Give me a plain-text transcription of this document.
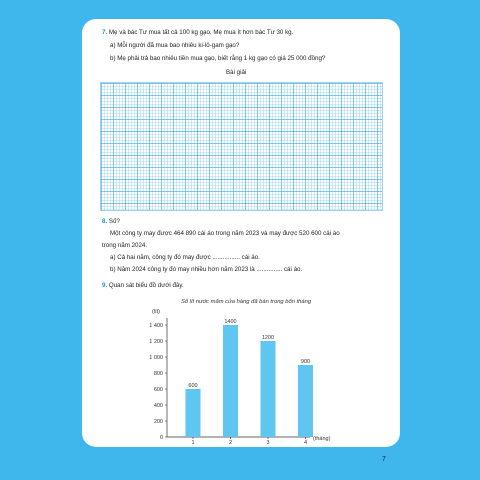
7. Mẹ và bác Tư mua tất cả 100 kg gạo. Mẹ mua ít hơn bác Tư 30 kg.
a) Mỗi người đã mua bao nhiêu ki-lô-gam gạo?
b) Mẹ phải trả bao nhiêu tiền mua gạo, biết rằng 1 kg gạo có giá 25 000 đồng?
Bài giải
8. Số?
Một công ty may được 464 890 cái áo trong năm 2023 và may được 520 600 cái áo
trong năm 2024.
a) Cả hai năm, công ty đó may được ................ cái áo.
b) Năm 2024 công ty đó may nhiều hơn năm 2023 là ............... cái áo.
9. Quan sát biểu đồ dưới đây.
Số lít nước mắm cửa hàng đã bán trong bốn tháng
(lít)
(tháng)
0
200
400
600
800
1 000
1 200
1 400
600
1
1400
2
1200
3
900
4
7
